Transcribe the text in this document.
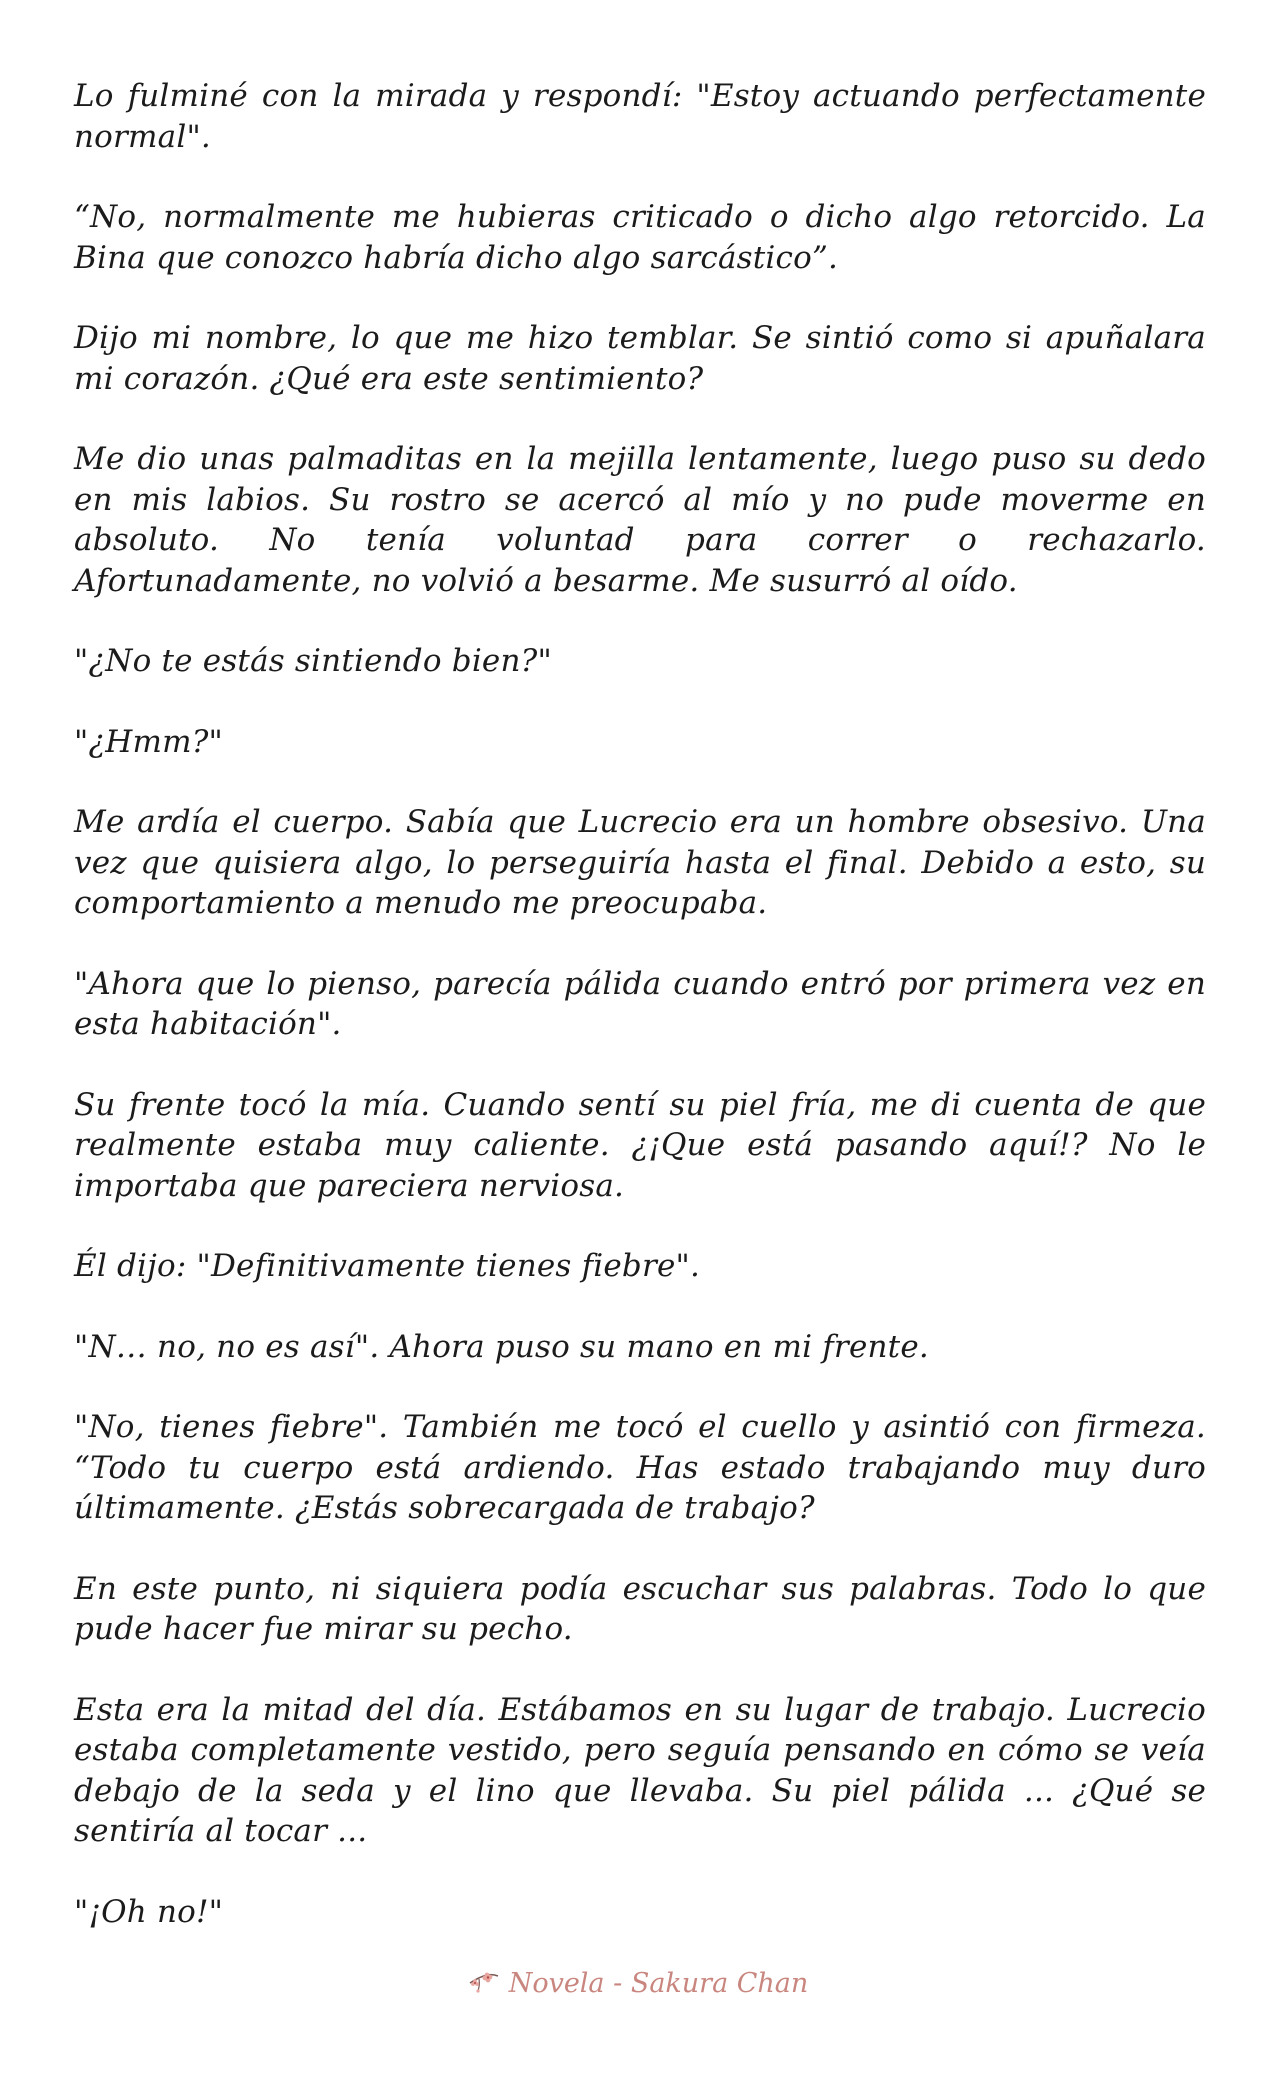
Lo fulminé con la mirada y respondí: "Estoy actuando perfectamente normal".

“No, normalmente me hubieras criticado o dicho algo retorcido. La Bina que conozco habría dicho algo sarcástico”.

Dijo mi nombre, lo que me hizo temblar. Se sintió como si apuñalara mi corazón. ¿Qué era este sentimiento?

Me dio unas palmaditas en la mejilla lentamente, luego puso su dedo en mis labios. Su rostro se acercó al mío y no pude moverme en absoluto. No tenía voluntad para correr o rechazarlo. Afortunadamente, no volvió a besarme. Me susurró al oído.

"¿No te estás sintiendo bien?"

"¿Hmm?"

Me ardía el cuerpo. Sabía que Lucrecio era un hombre obsesivo. Una vez que quisiera algo, lo perseguiría hasta el final. Debido a esto, su comportamiento a menudo me preocupaba.

"Ahora que lo pienso, parecía pálida cuando entró por primera vez en esta habitación".

Su frente tocó la mía. Cuando sentí su piel fría, me di cuenta de que realmente estaba muy caliente. ¿¡Que está pasando aquí!? No le importaba que pareciera nerviosa.

Él dijo: "Definitivamente tienes fiebre".

"N… no, no es así". Ahora puso su mano en mi frente.

"No, tienes fiebre". También me tocó el cuello y asintió con firmeza. “Todo tu cuerpo está ardiendo. Has estado trabajando muy duro últimamente. ¿Estás sobrecargada de trabajo?

En este punto, ni siquiera podía escuchar sus palabras. Todo lo que pude hacer fue mirar su pecho.

Esta era la mitad del día. Estábamos en su lugar de trabajo. Lucrecio estaba completamente vestido, pero seguía pensando en cómo se veía debajo de la seda y el lino que llevaba. Su piel pálida ... ¿Qué se sentiría al tocar ...

"¡Oh no!"

Novela - Sakura Chan
